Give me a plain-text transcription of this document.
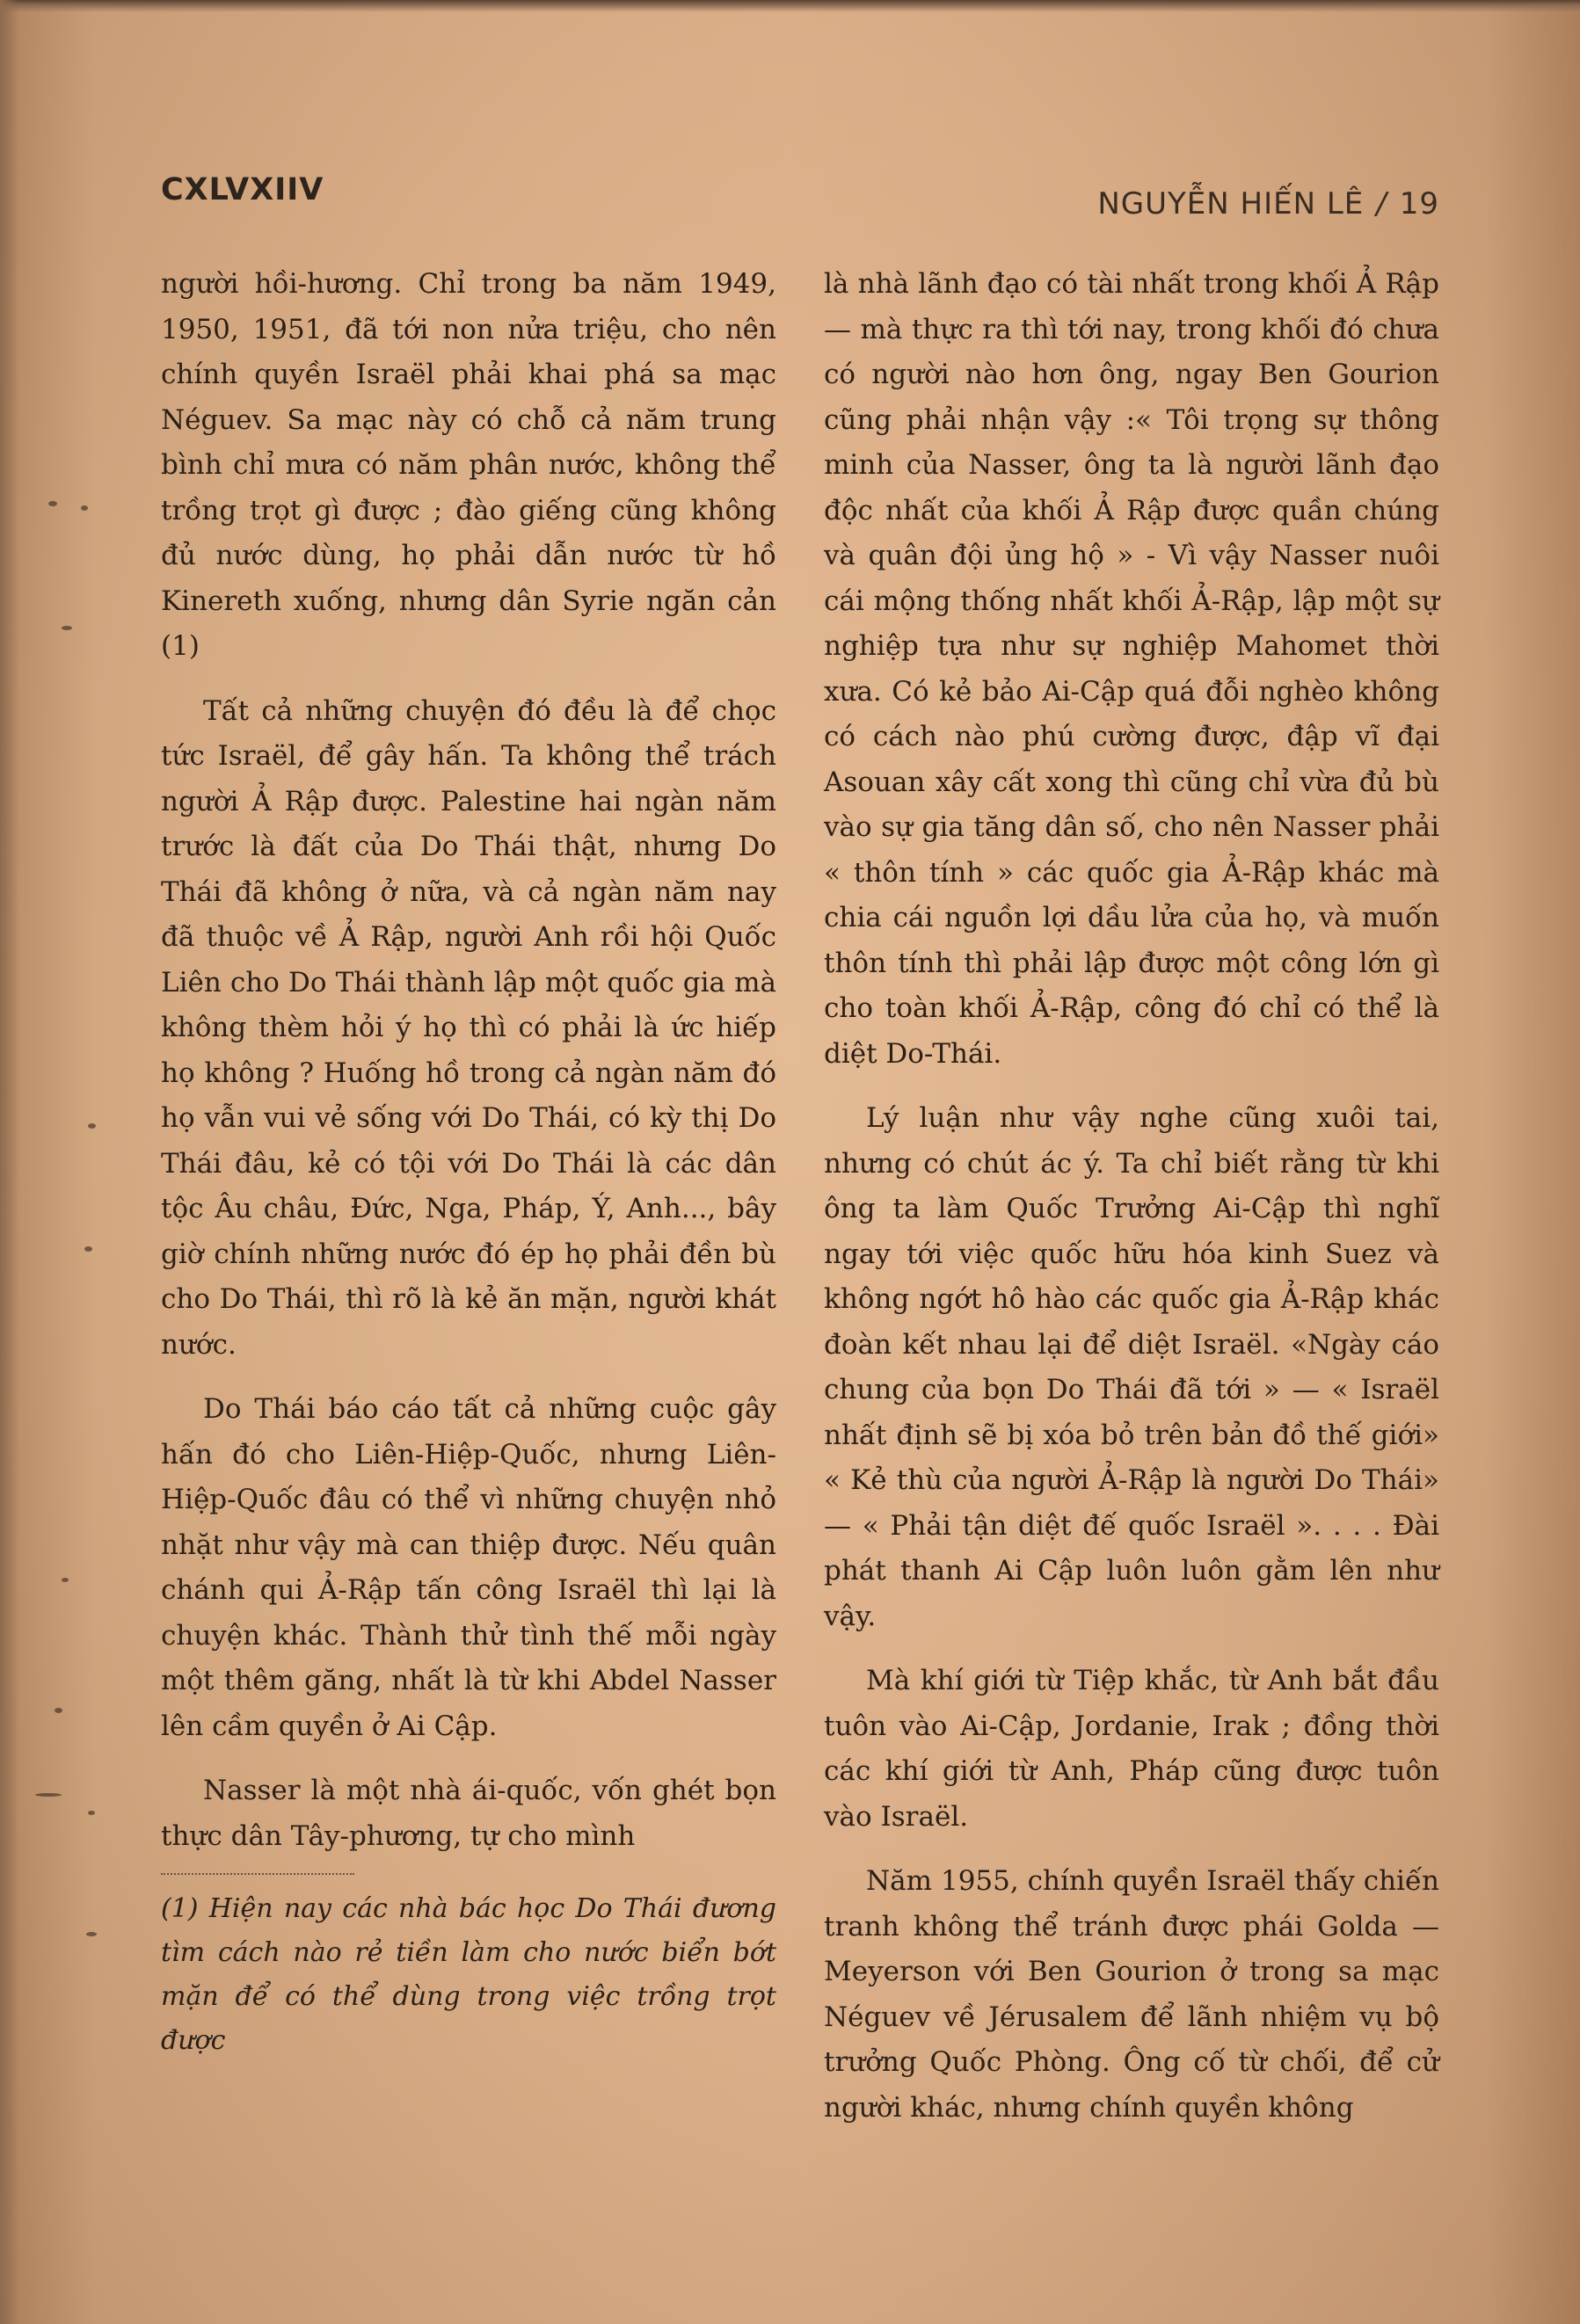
CXLVXIIV	NGUYỄN HIẾN LÊ / 19

người hồi-hương. Chỉ trong ba năm 1949, 1950, 1951, đã tới non nửa triệu, cho nên chính quyền Israël phải khai phá sa mạc Néguev. Sa mạc này có chỗ cả năm trung bình chỉ mưa có năm phân nước, không thể trồng trọt gì được ; đào giếng cũng không đủ nước dùng, họ phải dẫn nước từ hồ Kinereth xuống, nhưng dân Syrie ngăn cản (1)

Tất cả những chuyện đó đều là để chọc tức Israël, để gây hấn. Ta không thể trách người Ả Rập được. Palestine hai ngàn năm trước là đất của Do Thái thật, nhưng Do Thái đã không ở nữa, và cả ngàn năm nay đã thuộc về Ả Rập, người Anh rồi hội Quốc Liên cho Do Thái thành lập một quốc gia mà không thèm hỏi ý họ thì có phải là ức hiếp họ không ? Huống hồ trong cả ngàn năm đó họ vẫn vui vẻ sống với Do Thái, có kỳ thị Do Thái đâu, kẻ có tội với Do Thái là các dân tộc Âu châu, Đức, Nga, Pháp, Ý, Anh..., bây giờ chính những nước đó ép họ phải đền bù cho Do Thái, thì rõ là kẻ ăn mặn, người khát nước.

Do Thái báo cáo tất cả những cuộc gây hấn đó cho Liên-Hiệp-Quốc, nhưng Liên-Hiệp-Quốc đâu có thể vì những chuyện nhỏ nhặt như vậy mà can thiệp được. Nếu quân chánh qui Ả-Rập tấn công Israël thì lại là chuyện khác. Thành thử tình thế mỗi ngày một thêm găng, nhất là từ khi Abdel Nasser lên cầm quyền ở Ai Cập.

Nasser là một nhà ái-quốc, vốn ghét bọn thực dân Tây-phương, tự cho mình

(1) Hiện nay các nhà bác học Do Thái đương tìm cách nào rẻ tiền làm cho nước biển bớt mặn để có thể dùng trong việc trồng trọt được

là nhà lãnh đạo có tài nhất trong khối Ả Rập — mà thực ra thì tới nay, trong khối đó chưa có người nào hơn ông, ngay Ben Gourion cũng phải nhận vậy :« Tôi trọng sự thông minh của Nasser, ông ta là người lãnh đạo độc nhất của khối Ả Rập được quần chúng và quân đội ủng hộ » - Vì vậy Nasser nuôi cái mộng thống nhất khối Ả-Rập, lập một sự nghiệp tựa như sự nghiệp Mahomet thời xưa. Có kẻ bảo Ai-Cập quá đỗi nghèo không có cách nào phú cường được, đập vĩ đại Asouan xây cất xong thì cũng chỉ vừa đủ bù vào sự gia tăng dân số, cho nên Nasser phải « thôn tính » các quốc gia Ả-Rập khác mà chia cái nguồn lợi dầu lửa của họ, và muốn thôn tính thì phải lập được một công lớn gì cho toàn khối Ả-Rập, công đó chỉ có thể là diệt Do-Thái.

Lý luận như vậy nghe cũng xuôi tai, nhưng có chút ác ý. Ta chỉ biết rằng từ khi ông ta làm Quốc Trưởng Ai-Cập thì nghĩ ngay tới việc quốc hữu hóa kinh Suez và không ngớt hô hào các quốc gia Ả-Rập khác đoàn kết nhau lại để diệt Israël. «Ngày cáo chung của bọn Do Thái đã tới » — « Israël nhất định sẽ bị xóa bỏ trên bản đồ thế giới» « Kẻ thù của người Ả-Rập là người Do Thái» — « Phải tận diệt đế quốc Israël ». . . . Đài phát thanh Ai Cập luôn luôn gằm lên như vậy.

Mà khí giới từ Tiệp khắc, từ Anh bắt đầu tuôn vào Ai-Cập, Jordanie, Irak ; đồng thời các khí giới từ Anh, Pháp cũng được tuôn vào Israël.

Năm 1955, chính quyền Israël thấy chiến tranh không thể tránh được phái Golda — Meyerson với Ben Gourion ở trong sa mạc Néguev về Jérusalem để lãnh nhiệm vụ bộ trưởng Quốc Phòng. Ông cố từ chối, để cử người khác, nhưng chính quyền không
